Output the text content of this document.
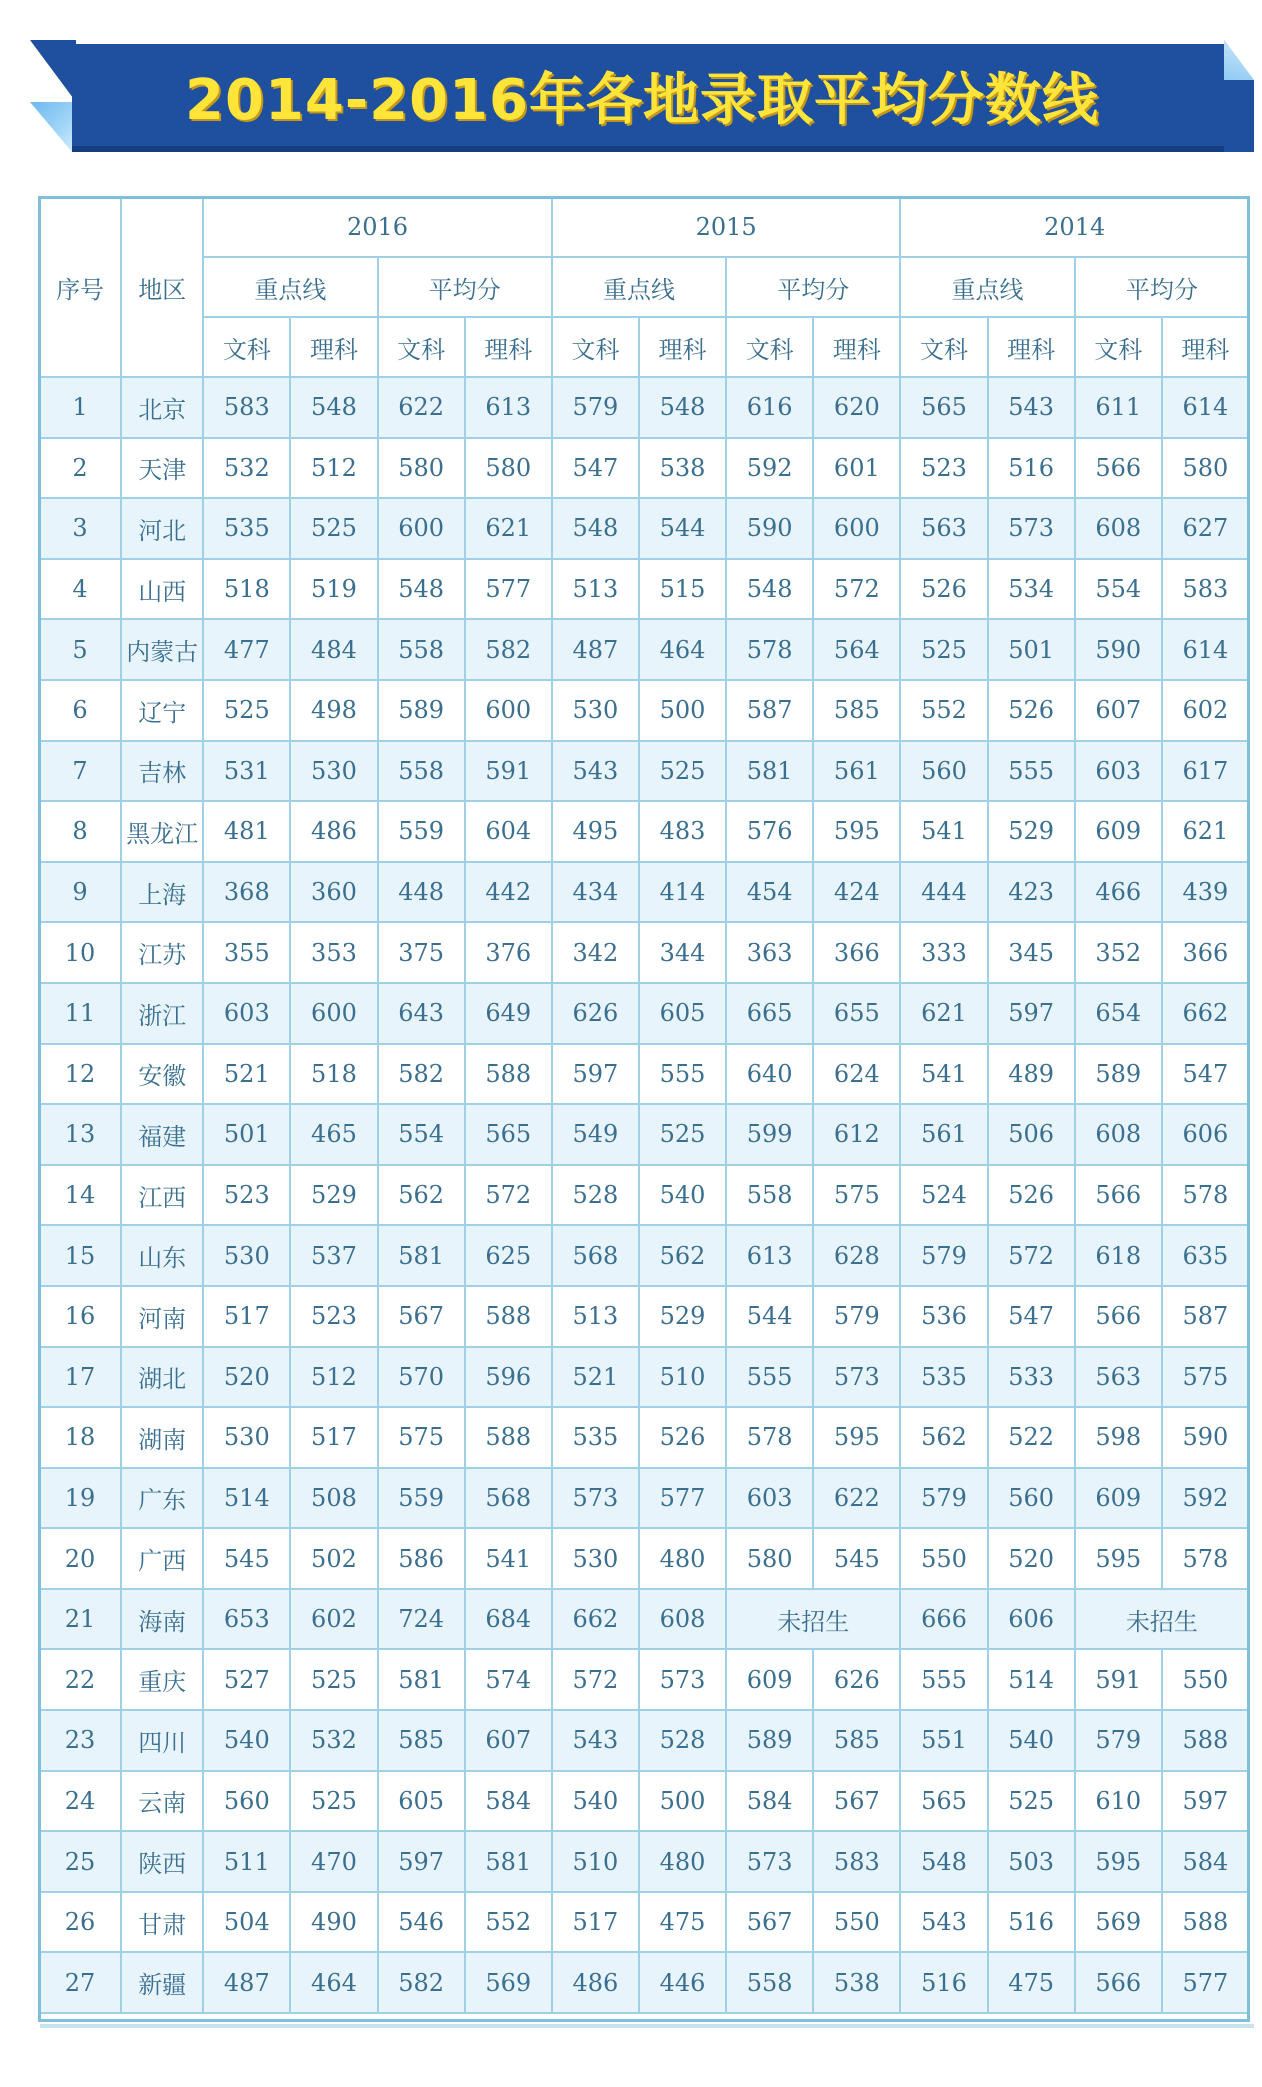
2014-2016年各地录取平均分数线
序号	地区	2016				2015				2014			
		重点线		平均分		重点线		平均分		重点线		平均分	
		文科	理科	文科	理科	文科	理科	文科	理科	文科	理科	文科	理科
1	北京	583	548	622	613	579	548	616	620	565	543	611	614
2	天津	532	512	580	580	547	538	592	601	523	516	566	580
3	河北	535	525	600	621	548	544	590	600	563	573	608	627
4	山西	518	519	548	577	513	515	548	572	526	534	554	583
5	内蒙古	477	484	558	582	487	464	578	564	525	501	590	614
6	辽宁	525	498	589	600	530	500	587	585	552	526	607	602
7	吉林	531	530	558	591	543	525	581	561	560	555	603	617
8	黑龙江	481	486	559	604	495	483	576	595	541	529	609	621
9	上海	368	360	448	442	434	414	454	424	444	423	466	439
10	江苏	355	353	375	376	342	344	363	366	333	345	352	366
11	浙江	603	600	643	649	626	605	665	655	621	597	654	662
12	安徽	521	518	582	588	597	555	640	624	541	489	589	547
13	福建	501	465	554	565	549	525	599	612	561	506	608	606
14	江西	523	529	562	572	528	540	558	575	524	526	566	578
15	山东	530	537	581	625	568	562	613	628	579	572	618	635
16	河南	517	523	567	588	513	529	544	579	536	547	566	587
17	湖北	520	512	570	596	521	510	555	573	535	533	563	575
18	湖南	530	517	575	588	535	526	578	595	562	522	598	590
19	广东	514	508	559	568	573	577	603	622	579	560	609	592
20	广西	545	502	586	541	530	480	580	545	550	520	595	578
21	海南	653	602	724	684	662	608	未招生		666	606	未招生	
22	重庆	527	525	581	574	572	573	609	626	555	514	591	550
23	四川	540	532	585	607	543	528	589	585	551	540	579	588
24	云南	560	525	605	584	540	500	584	567	565	525	610	597
25	陕西	511	470	597	581	510	480	573	583	548	503	595	584
26	甘肃	504	490	546	552	517	475	567	550	543	516	569	588
27	新疆	487	464	582	569	486	446	558	538	516	475	566	577
